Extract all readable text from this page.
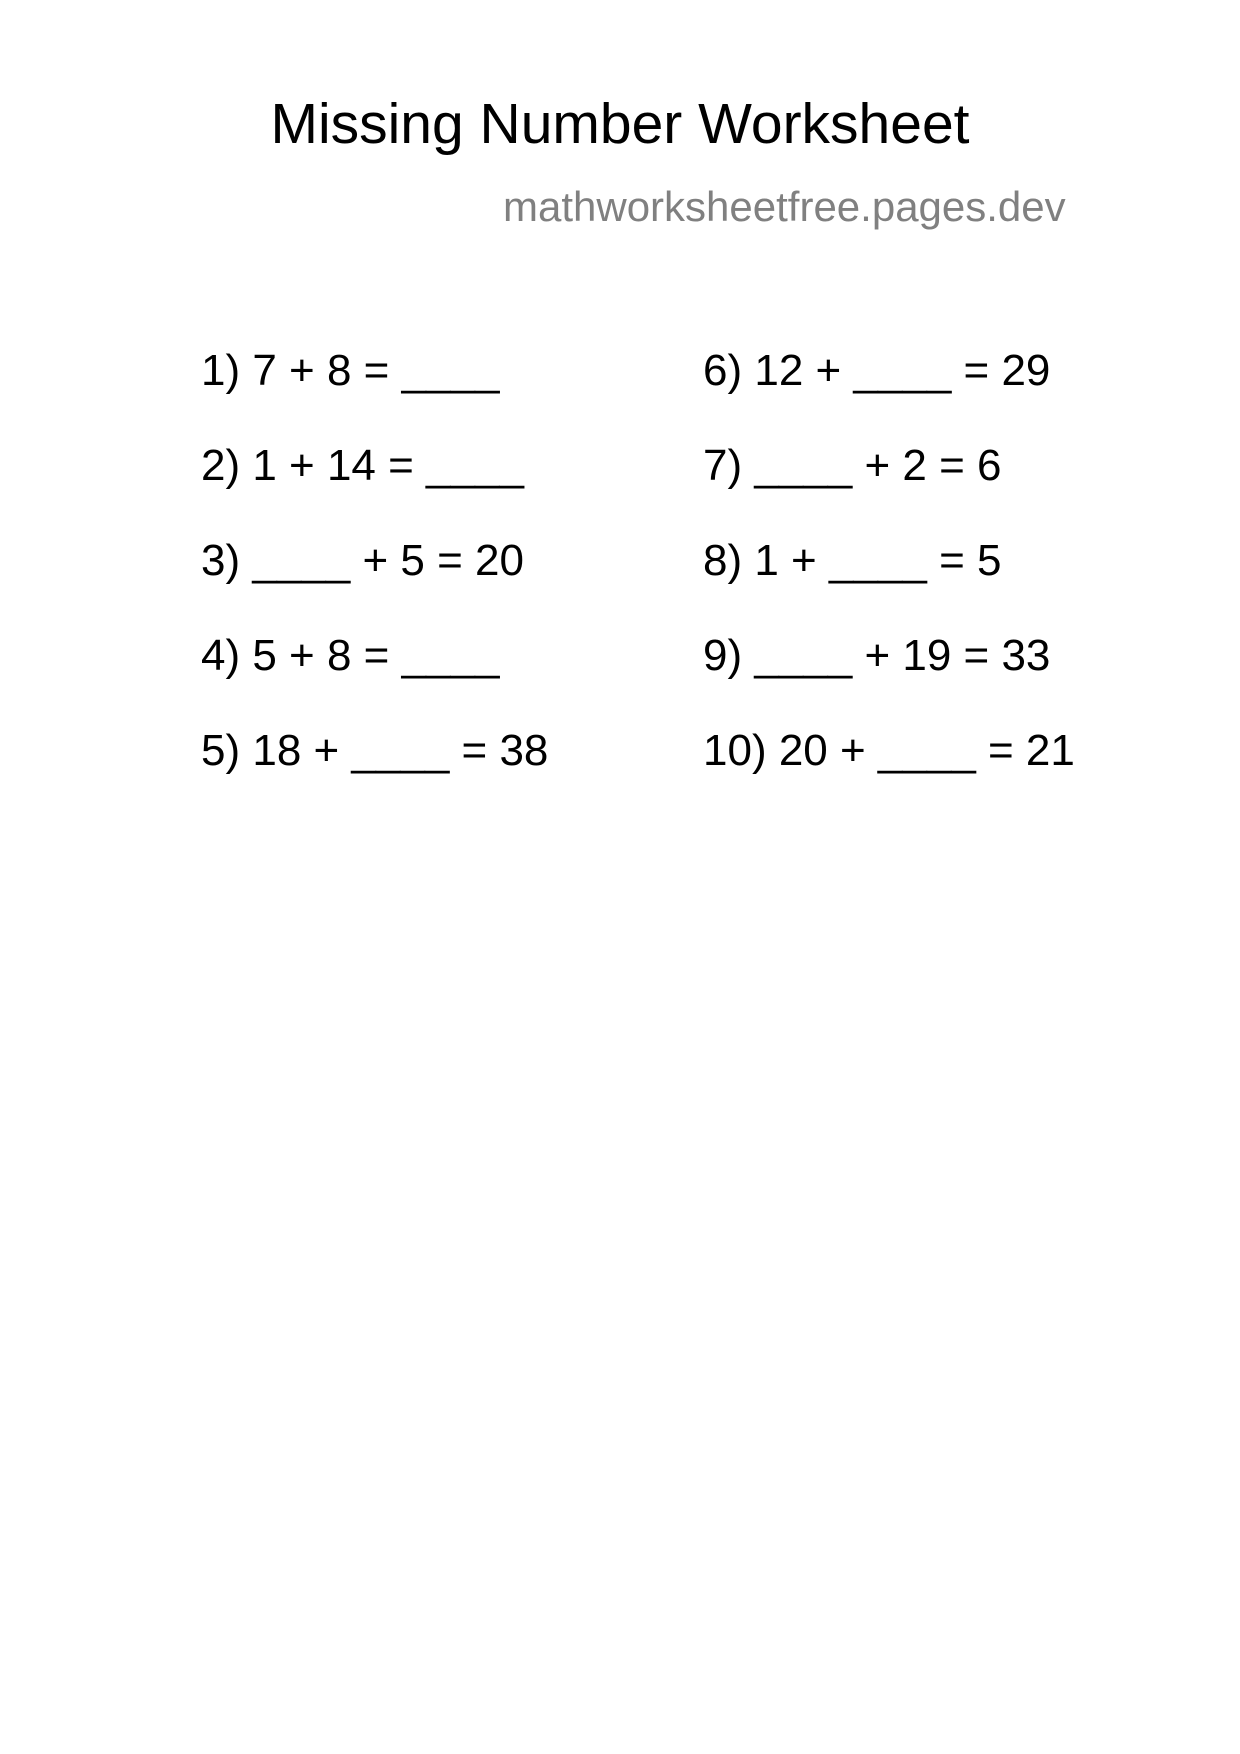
Missing Number Worksheet
mathworksheetfree.pages.dev
1) 7 + 8 = ____
2) 1 + 14 = ____
3) ____ + 5 = 20
4) 5 + 8 = ____
5) 18 + ____ = 38
6) 12 + ____ = 29
7) ____ + 2 = 6
8) 1 + ____ = 5
9) ____ + 19 = 33
10) 20 + ____ = 21
